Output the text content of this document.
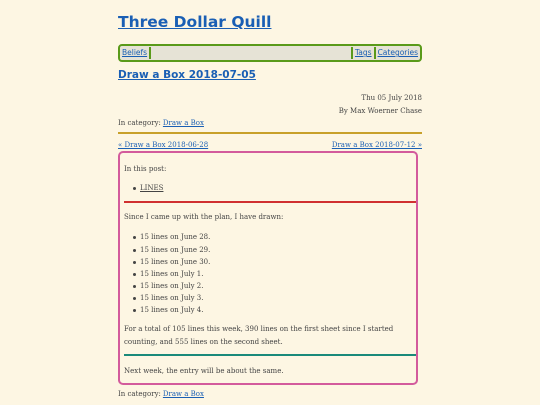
Three Dollar Quill
Beliefs	Tags Categories
Draw a Box 2018-07-05
Thu 05 July 2018
By Max Woerner Chase
In category: Draw a Box
« Draw a Box 2018-06-28	Draw a Box 2018-07-12 »
In this post:
LINES
Since I came up with the plan, I have drawn:
15 lines on June 28.
15 lines on June 29.
15 lines on June 30.
15 lines on July 1.
15 lines on July 2.
15 lines on July 3.
15 lines on July 4.
For a total of 105 lines this week, 390 lines on the first sheet since I started
counting, and 555 lines on the second sheet.
Next week, the entry will be about the same.
In category: Draw a Box
